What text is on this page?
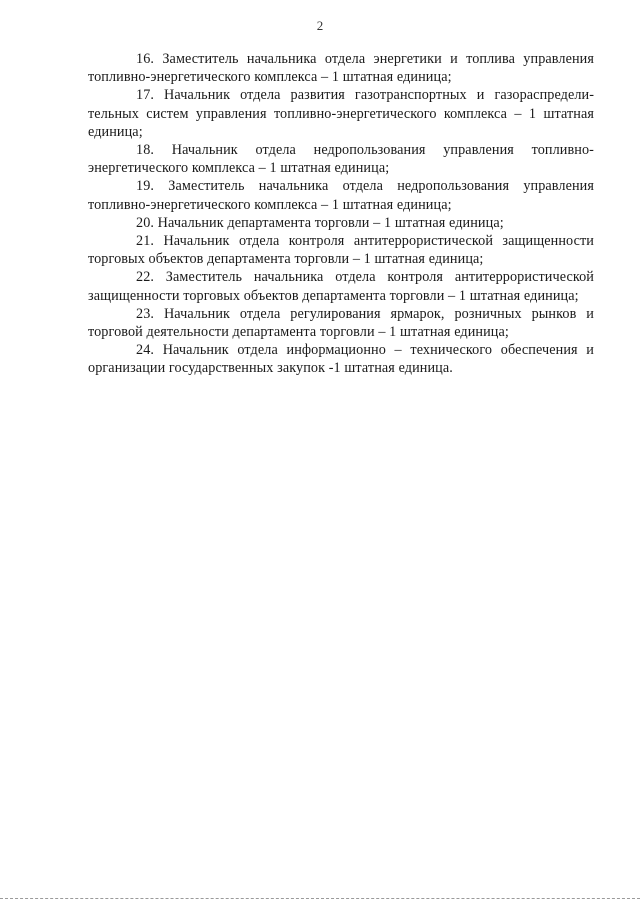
2

16. Заместитель начальника отдела энергетики и топлива управления топливно-энергетического комплекса – 1 штатная единица;

17. Начальник отдела развития газотранспортных и газораспределительных систем управления топливно-энергетического комплекса – 1 штатная единица;

18. Начальник отдела недропользования управления топливно-энергетического комплекса – 1 штатная единица;

19. Заместитель начальника отдела недропользования управления топливно-энергетического комплекса – 1 штатная единица;

20. Начальник департамента торговли – 1 штатная единица;

21. Начальник отдела контроля антитеррористической защищенности торговых объектов департамента торговли – 1 штатная единица;

22. Заместитель начальника отдела контроля антитеррористической защищенности торговых объектов департамента торговли – 1 штатная единица;

23. Начальник отдела регулирования ярмарок, розничных рынков и торговой деятельности департамента торговли – 1 штатная единица;

24. Начальник отдела информационно – технического обеспечения и организации государственных закупок -1 штатная единица.
